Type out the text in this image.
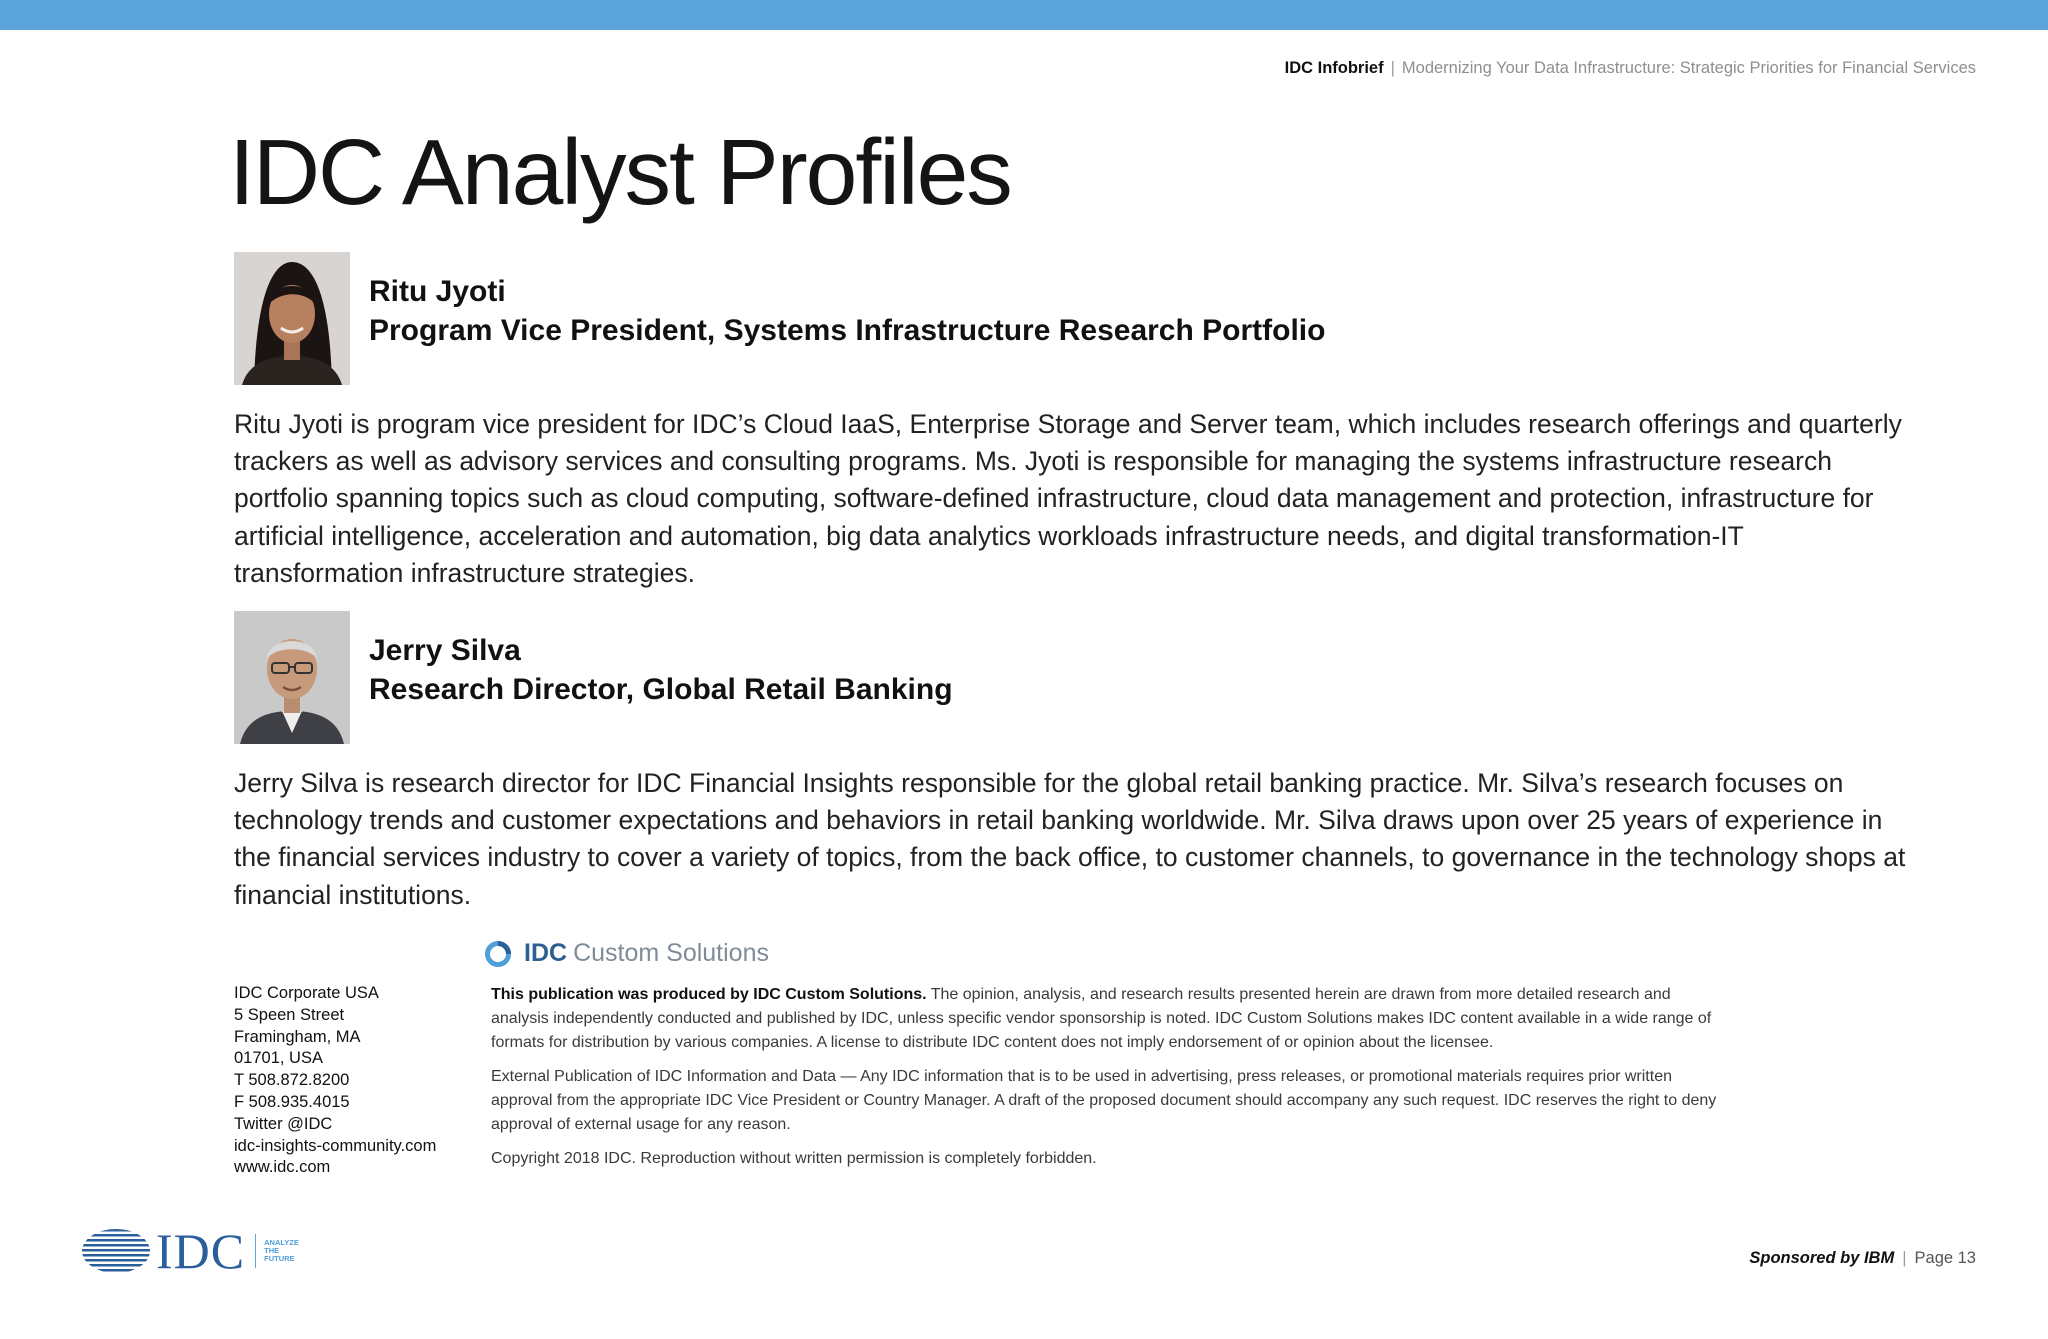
IDC Infobrief | Modernizing Your Data Infrastructure: Strategic Priorities for Financial Services
IDC Analyst Profiles
Ritu Jyoti
Program Vice President, Systems Infrastructure Research Portfolio

Ritu Jyoti is program vice president for IDC’s Cloud IaaS, Enterprise Storage and Server team, which includes research offerings and quarterly trackers as well as advisory services and consulting programs. Ms. Jyoti is responsible for managing the systems infrastructure research portfolio spanning topics such as cloud computing, software-defined infrastructure, cloud data management and protection, infrastructure for artificial intelligence, acceleration and automation, big data analytics workloads infrastructure needs, and digital transformation-IT transformation infrastructure strategies.

Jerry Silva
Research Director, Global Retail Banking

Jerry Silva is research director for IDC Financial Insights responsible for the global retail banking practice. Mr. Silva’s research focuses on technology trends and customer expectations and behaviors in retail banking worldwide. Mr. Silva draws upon over 25 years of experience in the financial services industry to cover a variety of topics, from the back office, to customer channels, to governance in the technology shops at financial institutions.

IDC Custom Solutions
IDC Corporate USA
5 Speen Street
Framingham, MA
01701, USA
T 508.872.8200
F 508.935.4015
Twitter @IDC
idc-insights-community.com
www.idc.com

This publication was produced by IDC Custom Solutions. The opinion, analysis, and research results presented herein are drawn from more detailed research and analysis independently conducted and published by IDC, unless specific vendor sponsorship is noted. IDC Custom Solutions makes IDC content available in a wide range of formats for distribution by various companies. A license to distribute IDC content does not imply endorsement of or opinion about the licensee.

External Publication of IDC Information and Data — Any IDC information that is to be used in advertising, press releases, or promotional materials requires prior written approval from the appropriate IDC Vice President or Country Manager. A draft of the proposed document should accompany any such request. IDC reserves the right to deny approval of external usage for any reason.

Copyright 2018 IDC. Reproduction without written permission is completely forbidden.

IDC	ANALYZE
THE
FUTURE	Sponsored by IBM | Page 13
